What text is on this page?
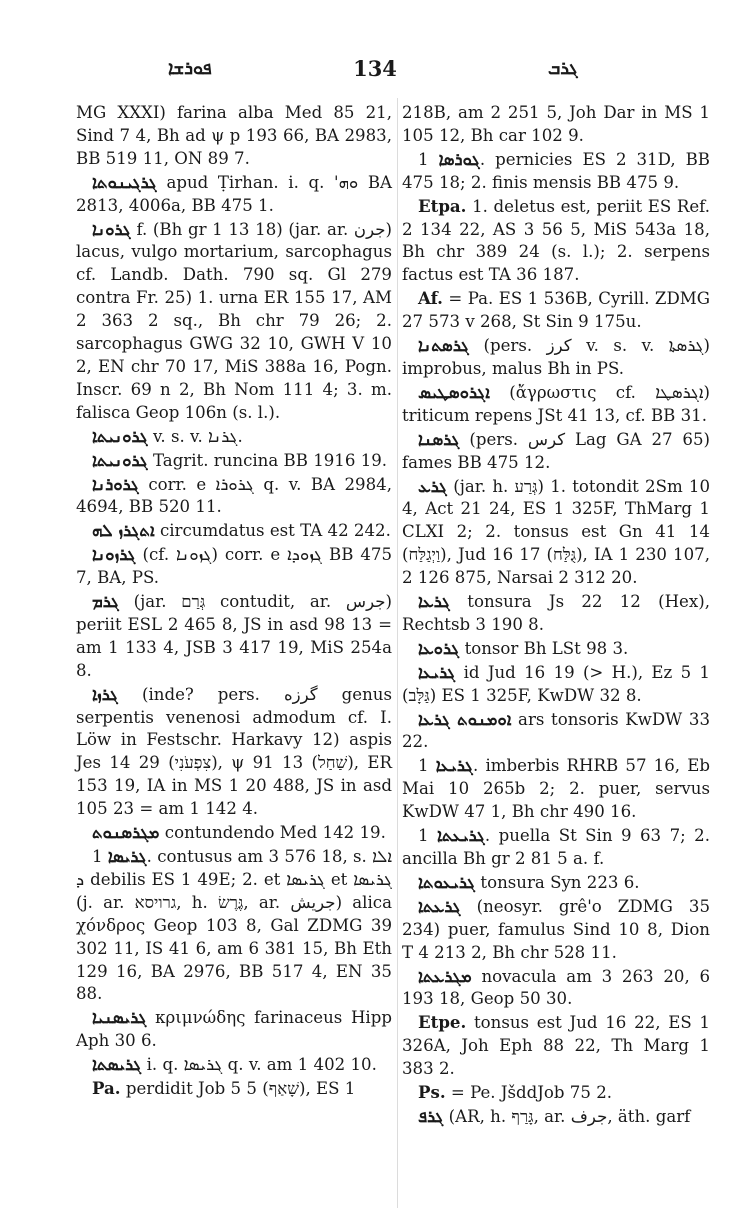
ܦܘܪܫܐ	134	ܓܪܒ

MG XXXI) farina alba Med 85 21, Sind 7 4, Bh ad ψ p 193 66, BA 2983, BB 519 11, ON 89 7.

ܓܪܓܝܢܘܬܐ apud Ṭirhan. i. q. 'ܘܗ BA 2813, 4006a, BB 475 1.

ܓܪܘܢܐ f. (Bh gr 1 13 18) (jar. ar. جرن) lacus, vulgo mortarium, sarcophagus cf. Landb. Dath. 790 sq. Gl 279 contra Fr. 25) 1. urna ER 155 17, AM 2 363 2 sq., Bh chr 79 26; 2. sarcophagus GWG 32 10, GWH V 10 2, EN chr 70 17, MiS 388a 16, Pogn. Inscr. 69 n 2, Bh Nom 111 4; 3. m. falisca Geop 106n (s. l.).

ܓܪܘܢܝܬܐ v. s. v. ܓܪܢܐ.

ܓܪܘܢܝܬܐ Tagrit. runcina BB 1916 19.

ܓܪܘܪܢܐ corr. e ܓܪܘܪܐ q. v. BA 2984, 4694, BB 520 11.

ܐܬܓܪܙ ܠܗ circumdatus est TA 42 242.

ܓܪܙܘܢܐ (cf. ܓܙܘܢܐ) corr. e ܓܙܘܕܐ BB 475 7, BA, PS.

ܓܪܡ (jar. גְּרַם contudit, ar. جرس) periit ESL 2 465 8, JS in asd 98 13 = am 1 133 4, JSB 3 417 19, MiS 254a 8.

ܓܪܙܐ (inde? pers. گرزه genus serpentis venenosi admodum cf. I. Löw in Festschr. Harkavy 12) aspis Jes 14 29 (צִפְעֹנִי), ψ 91 13 (שַׁחַל), ER 153 19, IA in MS 1 20 488, JS in asd 105 23 = am 1 142 4.

ܡܓܪܣܢܘܬ contundendo Med 142 19.

ܓܪܝܣܐ 1. contusus am 3 576 18, s. ܐܠܐ ܕ debilis ES 1 49E; 2. et ܓܪܝܣܐ et ܓܪܝܣܐ (j. ar. גרויסא, h. גֶּרֶשׂ, ar. جريش) alica χόνδρος Geop 103 8, Gal ZDMG 39 302 11, IS 41 6, am 6 381 15, Bh Eth 129 16, BA 2976, BB 517 4, EN 35 88.

ܓܪܝܣܢܝܐ κριμνώδης farinaceus Hipp Aph 30 6.

ܓܪܝܣܬܐ i. q. ܓܪܝܣܐ q. v. am 1 402 10.

Pa. perdidit Job 5 5 (שָׁאַף), ES 1

218B, am 2 251 5, Joh Dar in MS 1 105 12, Bh car 102 9.

ܓܘܪܣܐ 1. pernicies ES 2 31D, BB 475 18; 2. finis mensis BB 475 9.

Etpa. 1. deletus est, periit ES Ref. 2 134 22, AS 3 56 5, MiS 543a 18, Bh chr 389 24 (s. l.); 2. serpens factus est TA 36 187.

Af. = Pa. ES 1 536B, Cyrill. ZDMG 27 573 v 268, St Sin 9 175u.

ܓܪܣܬܢܐ (pers. كرز v. s. v. ܓܪܣܬܐ) improbus, malus Bh in PS.

ܐܓܪܘܣܛܝܣ (ἄγρωστις cf. ܐܓܪܣܛܐ) triticum repens JSt 41 13, cf. BB 31.

ܓܪܣܢܐ (pers. كرس Lag GA 27 65) fames BB 475 12.

ܓܪܥ (jar. h. גְּרַע) 1. totondit 2Sm 10 4, Act 21 24, ES 1 325F, ThMarg 1 CLXI 2; 2. tonsus est Gn 41 14 (וַיְגַלַּח), Jud 16 17 (גֻּלַּח), IA 1 230 107, 2 126 875, Narsai 2 312 20.

ܓܪܥܐ tonsura Js 22 12 (Hex), Rechtsb 3 190 8.

ܓܪܘܥܐ tonsor Bh LSt 98 3.

ܓܪܝܥܐ id Jud 16 19 (> H.), Ez 5 1 (גַּלָּב) ES 1 325F, KwDW 32 8.

ܐܘܡܢܘܬ ܓܪܥܐ ars tonsoris KwDW 33 22.

ܓܪܝܥܐ 1. imberbis RHRB 57 16, Eb Mai 10 265b 2; 2. puer, servus KwDW 47 1, Bh chr 490 16.

ܓܪܝܥܬܐ 1. puella St Sin 9 63 7; 2. ancilla Bh gr 2 81 5 a. f.

ܓܪܝܥܘܬܐ tonsura Syn 223 6.

ܓܪܥܬܐ (neosyr. grê'o ZDMG 35 234) puer, famulus Sind 10 8, Dion T 4 213 2, Bh chr 528 11.

ܡܓܪܥܬܐ novacula am 3 263 20, 6 193 18, Geop 50 30.

Etpe. tonsus est Jud 16 22, ES 1 326A, Joh Eph 88 22, Th Marg 1 383 2.

Ps. = Pe. JšddJob 75 2.

ܓܪܦ (AR, h. גָּרַף, ar. جرف, äth. garf
